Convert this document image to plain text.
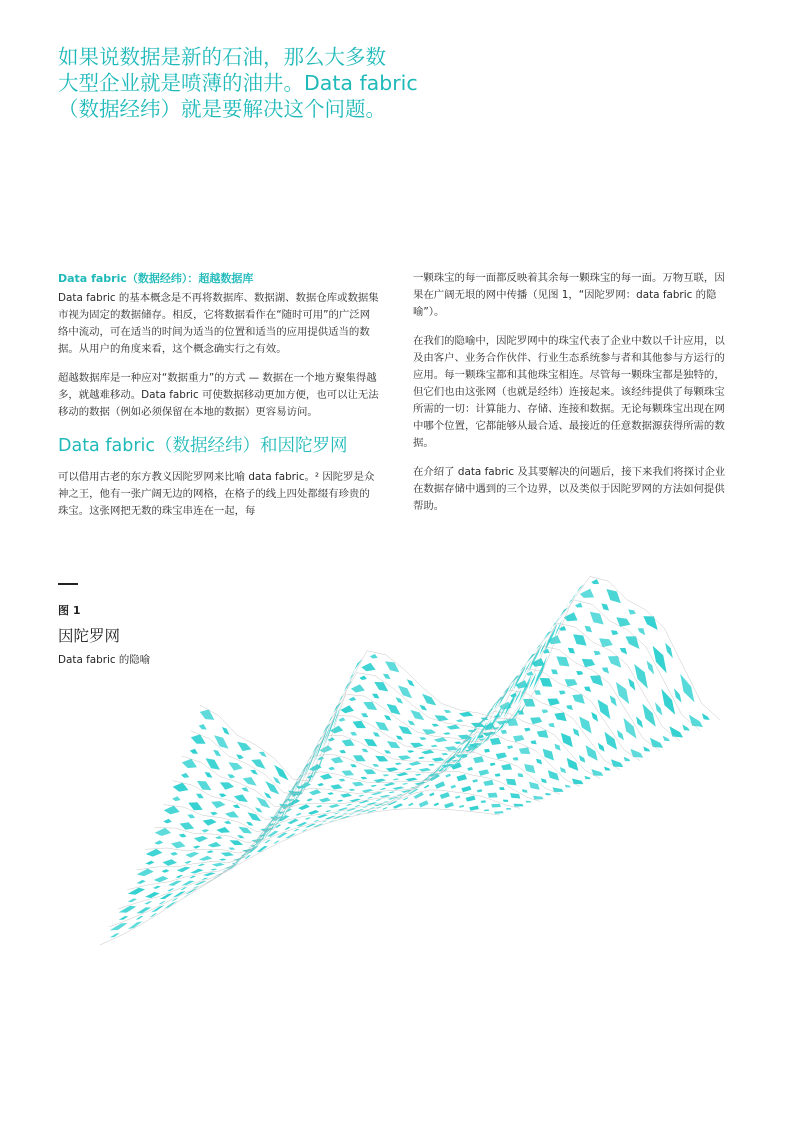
如果说数据是新的石油，那么大多数
大型企业就是喷薄的油井。Data fabric
（数据经纬）就是要解决这个问题。
Data fabric（数据经纬）：超越数据库

Data fabric 的基本概念是不再将数据库、数据湖、数据仓库或数据集市视为固定的数据储存。相反，它将数据看作在“随时可用”的广泛网络中流动，可在适当的时间为适当的位置和适当的应用提供适当的数据。从用户的角度来看，这个概念确实行之有效。

超越数据库是一种应对“数据重力”的方式 — 数据在一个地方聚集得越多，就越难移动。Data fabric 可使数据移动更加方便，也可以让无法移动的数据（例如必须保留在本地的数据）更容易访问。

Data fabric（数据经纬）和因陀罗网

可以借用古老的东方教义因陀罗网来比喻 data fabric。² 因陀罗是众神之王，他有一张广阔无边的网格，在格子的线上四处都缀有珍贵的珠宝。这张网把无数的珠宝串连在一起，每

一颗珠宝的每一面都反映着其余每一颗珠宝的每一面。万物互联，因果在广阔无垠的网中传播（见图 1，“因陀罗网：data fabric 的隐喻”）。

在我们的隐喻中，因陀罗网中的珠宝代表了企业中数以千计应用，以及由客户、业务合作伙伴、行业生态系统参与者和其他参与方运行的应用。每一颗珠宝都和其他珠宝相连。尽管每一颗珠宝都是独特的，但它们也由这张网（也就是经纬）连接起来。该经纬提供了每颗珠宝所需的一切：计算能力、存储、连接和数据。无论每颗珠宝出现在网中哪个位置，它都能够从最合适、最接近的任意数据源获得所需的数据。

在介绍了 data fabric 及其要解决的问题后，接下来我们将探讨企业在数据存储中遇到的三个边界，以及类似于因陀罗网的方法如何提供帮助。

图 1
因陀罗网
Data fabric 的隐喻
